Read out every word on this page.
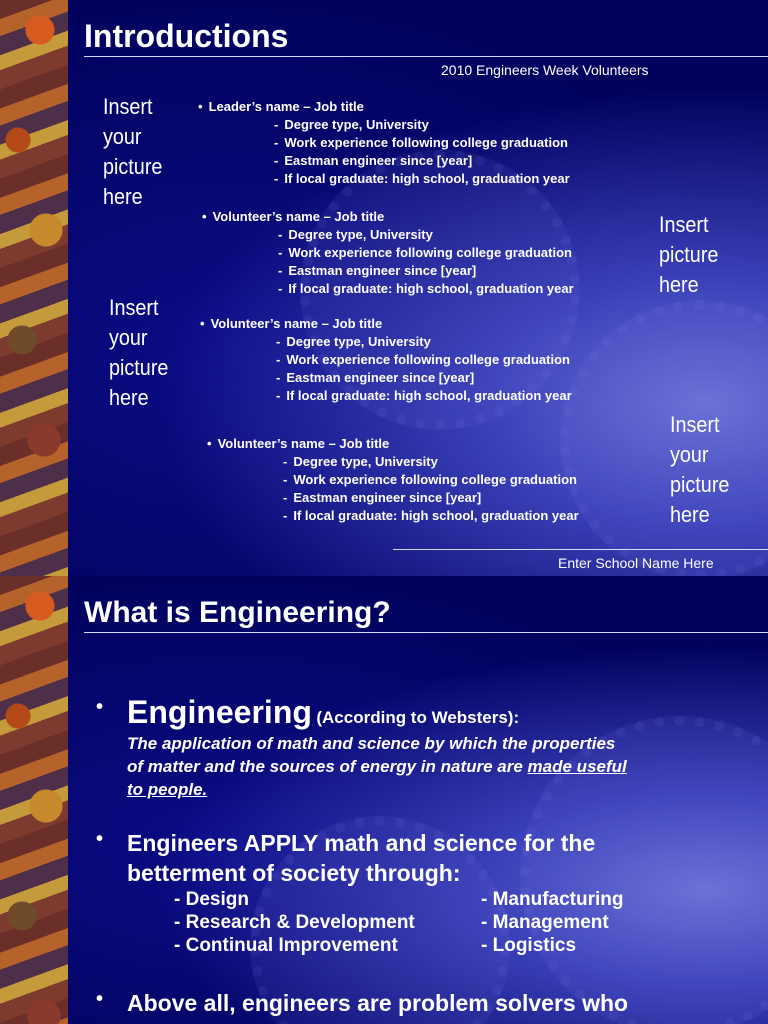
Introductions
2010 Engineers Week Volunteers
Insert
your
picture
here
Insert
picture
here
Insert
your
picture
here
Insert
your
picture
here
• Leader’s name – Job title
- Degree type, University
- Work experience following college graduation
- Eastman engineer since [year]
- If local graduate: high school, graduation year
• Volunteer’s name – Job title
- Degree type, University
- Work experience following college graduation
- Eastman engineer since [year]
- If local graduate: high school, graduation year
• Volunteer’s name – Job title
- Degree type, University
- Work experience following college graduation
- Eastman engineer since [year]
- If local graduate: high school, graduation year
• Volunteer’s name – Job title
- Degree type, University
- Work experience following college graduation
- Eastman engineer since [year]
- If local graduate: high school, graduation year
Enter School Name Here
What is Engineering?
• Engineering (According to Websters):
The application of math and science by which the properties
of matter and the sources of energy in nature are made useful
to people.
• Engineers APPLY math and science for the
betterment of society through:
- Design
- Research & Development
- Continual Improvement
- Manufacturing
- Management
- Logistics
• Above all, engineers are problem solvers who
